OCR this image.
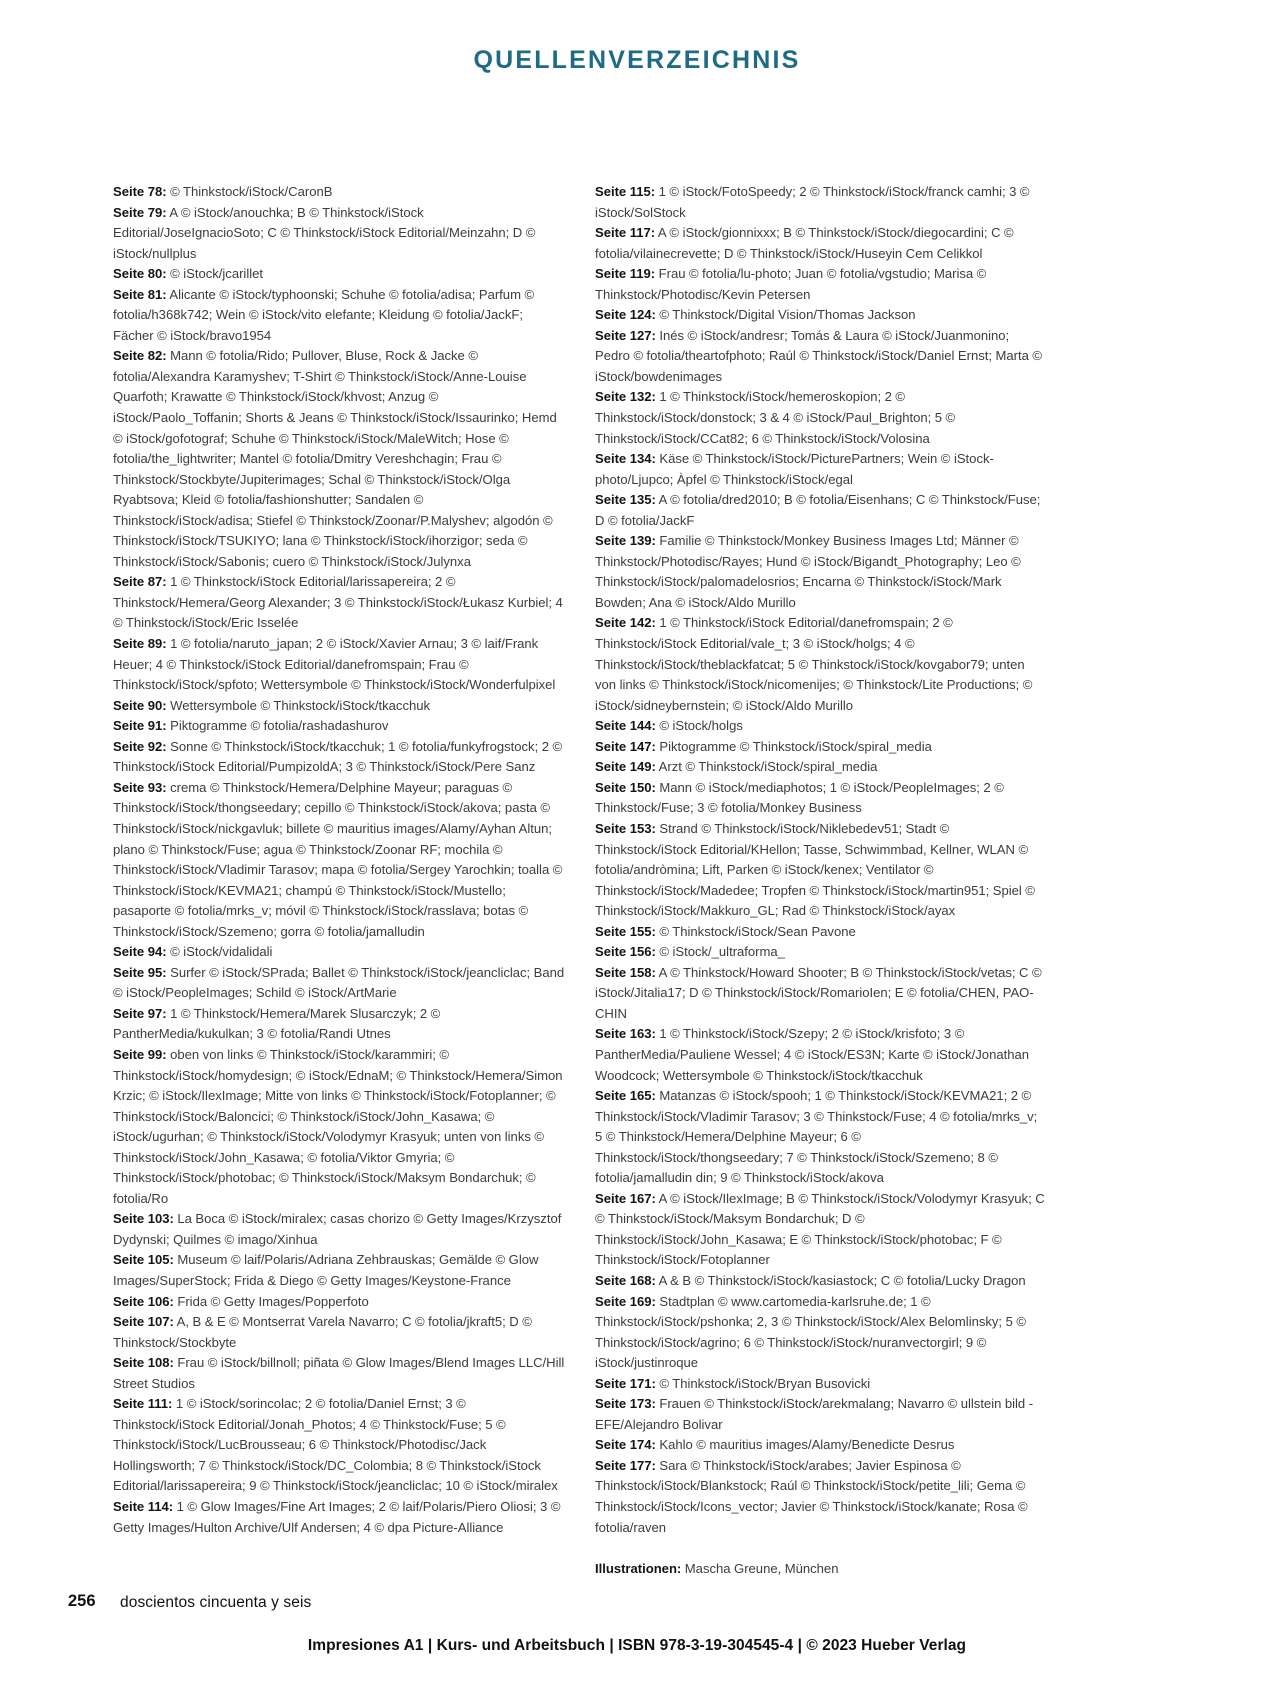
QUELLENVERZEICHNIS

Seite 78: © Thinkstock/iStock/CaronB

Seite 79: A © iStock/anouchka; B © Thinkstock/iStock Editorial/JoseIgnacioSoto; C © Thinkstock/iStock Editorial/Meinzahn; D © iStock/nullplus

Seite 80: © iStock/jcarillet

Seite 81: Alicante © iStock/typhoonski; Schuhe © fotolia/adisa; Parfum © fotolia/h368k742; Wein © iStock/vito elefante; Kleidung © fotolia/JackF; Fächer © iStock/bravo1954

Seite 82: Mann © fotolia/Rido; Pullover, Bluse, Rock & Jacke © fotolia/Alexandra Karamyshev; T-Shirt © Thinkstock/iStock/Anne-Louise Quarfoth; Krawatte © Thinkstock/iStock/khvost; Anzug © iStock/Paolo_Toffanin; Shorts & Jeans © Thinkstock/iStock/Issaurinko; Hemd © iStock/gofotograf; Schuhe © Thinkstock/iStock/MaleWitch; Hose © fotolia/the_lightwriter; Mantel © fotolia/Dmitry Vereshchagin; Frau © Thinkstock/Stockbyte/Jupiterimages; Schal © Thinkstock/iStock/Olga Ryabtsova; Kleid © fotolia/fashionshutter; Sandalen © Thinkstock/iStock/adisa; Stiefel © Thinkstock/Zoonar/P.Malyshev; algodón © Thinkstock/iStock/TSUKIYO; lana © Thinkstock/iStock/ihorzigor; seda © Thinkstock/iStock/Sabonis; cuero © Thinkstock/iStock/Julynxa

Seite 87: 1 © Thinkstock/iStock Editorial/larissapereira; 2 © Thinkstock/Hemera/Georg Alexander; 3 © Thinkstock/iStock/Łukasz Kurbiel; 4 © Thinkstock/iStock/Eric Isselée

Seite 89: 1 © fotolia/naruto_japan; 2 © iStock/Xavier Arnau; 3 © laif/Frank Heuer; 4 © Thinkstock/iStock Editorial/danefromspain; Frau © Thinkstock/iStock/spfoto; Wettersymbole © Thinkstock/iStock/Wonderfulpixel

Seite 90: Wettersymbole © Thinkstock/iStock/tkacchuk

Seite 91: Piktogramme © fotolia/rashadashurov

Seite 92: Sonne © Thinkstock/iStock/tkacchuk; 1 © fotolia/funkyfrogstock; 2 © Thinkstock/iStock Editorial/PumpizoldA; 3 © Thinkstock/iStock/Pere Sanz

Seite 93: crema © Thinkstock/Hemera/Delphine Mayeur; paraguas © Thinkstock/iStock/thongseedary; cepillo © Thinkstock/iStock/akova; pasta © Thinkstock/iStock/nickgavluk; billete © mauritius images/Alamy/Ayhan Altun; plano © Thinkstock/Fuse; agua © Thinkstock/Zoonar RF; mochila © Thinkstock/iStock/Vladimir Tarasov; mapa © fotolia/Sergey Yarochkin; toalla © Thinkstock/iStock/KEVMA21; champú © Thinkstock/iStock/Mustello; pasaporte © fotolia/mrks_v; móvil © Thinkstock/iStock/rasslava; botas © Thinkstock/iStock/Szemeno; gorra © fotolia/jamalludin

Seite 94: © iStock/vidalidali

Seite 95: Surfer © iStock/SPrada; Ballet © Thinkstock/iStock/jeancliclac; Band © iStock/PeopleImages; Schild © iStock/ArtMarie

Seite 97: 1 © Thinkstock/Hemera/Marek Slusarczyk; 2 © PantherMedia/kukulkan; 3 © fotolia/Randi Utnes

Seite 99: oben von links © Thinkstock/iStock/karammiri; © Thinkstock/iStock/homydesign; © iStock/EdnaM; © Thinkstock/Hemera/Simon Krzic; © iStock/IlexImage; Mitte von links © Thinkstock/iStock/Fotoplanner; © Thinkstock/iStock/Baloncici; © Thinkstock/iStock/John_Kasawa; © iStock/ugurhan; © Thinkstock/iStock/Volodymyr Krasyuk; unten von links © Thinkstock/iStock/John_Kasawa; © fotolia/Viktor Gmyria; © Thinkstock/iStock/photobac; © Thinkstock/iStock/Maksym Bondarchuk; © fotolia/Ro

Seite 103: La Boca © iStock/miralex; casas chorizo © Getty Images/Krzysztof Dydynski; Quilmes © imago/Xinhua

Seite 105: Museum © laif/Polaris/Adriana Zehbrauskas; Gemälde © Glow Images/SuperStock; Frida & Diego © Getty Images/Keystone-France

Seite 106: Frida © Getty Images/Popperfoto

Seite 107: A, B & E © Montserrat Varela Navarro; C © fotolia/jkraft5; D © Thinkstock/Stockbyte

Seite 108: Frau © iStock/billnoll; piñata © Glow Images/Blend Images LLC/Hill Street Studios

Seite 111: 1 © iStock/sorincolac; 2 © fotolia/Daniel Ernst; 3 © Thinkstock/iStock Editorial/Jonah_Photos; 4 © Thinkstock/Fuse; 5 © Thinkstock/iStock/LucBrousseau; 6 © Thinkstock/Photodisc/Jack Hollingsworth; 7 © Thinkstock/iStock/DC_Colombia; 8 © Thinkstock/iStock Editorial/larissapereira; 9 © Thinkstock/iStock/jeancliclac; 10 © iStock/miralex

Seite 114: 1 © Glow Images/Fine Art Images; 2 © laif/Polaris/Piero Oliosi; 3 © Getty Images/Hulton Archive/Ulf Andersen; 4 © dpa Picture-Alliance

Seite 115: 1 © iStock/FotoSpeedy; 2 © Thinkstock/iStock/franck camhi; 3 © iStock/SolStock

Seite 117: A © iStock/gionnixxx; B © Thinkstock/iStock/diegocardini; C © fotolia/vilainecrevette; D © Thinkstock/iStock/Huseyin Cem Celikkol

Seite 119: Frau © fotolia/lu-photo; Juan © fotolia/vgstudio; Marisa © Thinkstock/Photodisc/Kevin Petersen

Seite 124: © Thinkstock/Digital Vision/Thomas Jackson

Seite 127: Inés © iStock/andresr; Tomás & Laura © iStock/Juanmonino; Pedro © fotolia/theartofphoto; Raúl © Thinkstock/iStock/Daniel Ernst; Marta © iStock/bowdenimages

Seite 132: 1 © Thinkstock/iStock/hemeroskopion; 2 © Thinkstock/iStock/donstock; 3 & 4 © iStock/Paul_Brighton; 5 © Thinkstock/iStock/CCat82; 6 © Thinkstock/iStock/Volosina

Seite 134: Käse © Thinkstock/iStock/PicturePartners; Wein © iStock-photo/Ljupco; Àpfel © Thinkstock/iStock/egal

Seite 135: A © fotolia/dred2010; B © fotolia/Eisenhans; C © Thinkstock/Fuse; D © fotolia/JackF

Seite 139: Familie © Thinkstock/Monkey Business Images Ltd; Männer © Thinkstock/Photodisc/Rayes; Hund © iStock/Bigandt_Photography; Leo © Thinkstock/iStock/palomadelosrios; Encarna © Thinkstock/iStock/Mark Bowden; Ana © iStock/Aldo Murillo

Seite 142: 1 © Thinkstock/iStock Editorial/danefromspain; 2 © Thinkstock/iStock Editorial/vale_t; 3 © iStock/holgs; 4 © Thinkstock/iStock/theblackfatcat; 5 © Thinkstock/iStock/kovgabor79; unten von links © Thinkstock/iStock/nicomenijes; © Thinkstock/Lite Productions; © iStock/sidneybernstein; © iStock/Aldo Murillo

Seite 144: © iStock/holgs

Seite 147: Piktogramme © Thinkstock/iStock/spiral_media

Seite 149: Arzt © Thinkstock/iStock/spiral_media

Seite 150: Mann © iStock/mediaphotos; 1 © iStock/PeopleImages; 2 © Thinkstock/Fuse; 3 © fotolia/Monkey Business

Seite 153: Strand © Thinkstock/iStock/Niklebedev51; Stadt © Thinkstock/iStock Editorial/KHellon; Tasse, Schwimmbad, Kellner, WLAN © fotolia/andròmina; Lift, Parken © iStock/kenex; Ventilator © Thinkstock/iStock/Madedee; Tropfen © Thinkstock/iStock/martin951; Spiel © Thinkstock/iStock/Makkuro_GL; Rad © Thinkstock/iStock/ayax

Seite 155: © Thinkstock/iStock/Sean Pavone

Seite 156: © iStock/_ultraforma_

Seite 158: A © Thinkstock/Howard Shooter; B © Thinkstock/iStock/vetas; C © iStock/Jitalia17; D © Thinkstock/iStock/RomarioIen; E © fotolia/CHEN, PAO-CHIN

Seite 163: 1 © Thinkstock/iStock/Szepy; 2 © iStock/krisfoto; 3 © PantherMedia/Pauliene Wessel; 4 © iStock/ES3N; Karte © iStock/Jonathan Woodcock; Wettersymbole © Thinkstock/iStock/tkacchuk

Seite 165: Matanzas © iStock/spooh; 1 © Thinkstock/iStock/KEVMA21; 2 © Thinkstock/iStock/Vladimir Tarasov; 3 © Thinkstock/Fuse; 4 © fotolia/mrks_v; 5 © Thinkstock/Hemera/Delphine Mayeur; 6 © Thinkstock/iStock/thongseedary; 7 © Thinkstock/iStock/Szemeno; 8 © fotolia/jamalludin din; 9 © Thinkstock/iStock/akova

Seite 167: A © iStock/IlexImage; B © Thinkstock/iStock/Volodymyr Krasyuk; C © Thinkstock/iStock/Maksym Bondarchuk; D © Thinkstock/iStock/John_Kasawa; E © Thinkstock/iStock/photobac; F © Thinkstock/iStock/Fotoplanner

Seite 168: A & B © Thinkstock/iStock/kasiastock; C © fotolia/Lucky Dragon

Seite 169: Stadtplan © www.cartomedia-karlsruhe.de; 1 © Thinkstock/iStock/pshonka; 2, 3 © Thinkstock/iStock/Alex Belomlinsky; 5 © Thinkstock/iStock/agrino; 6 © Thinkstock/iStock/nuranvectorgirl; 9 © iStock/justinroque

Seite 171: © Thinkstock/iStock/Bryan Busovicki

Seite 173: Frauen © Thinkstock/iStock/arekmalang; Navarro © ullstein bild - EFE/Alejandro Bolivar

Seite 174: Kahlo © mauritius images/Alamy/Benedicte Desrus

Seite 177: Sara © Thinkstock/iStock/arabes; Javier Espinosa © Thinkstock/iStock/Blankstock; Raúl © Thinkstock/iStock/petite_lili; Gema © Thinkstock/iStock/Icons_vector; Javier © Thinkstock/iStock/kanate; Rosa © fotolia/raven

Illustrationen: Mascha Greune, München

256 doscientos cincuenta y seis
Impresiones A1 | Kurs- und Arbeitsbuch | ISBN 978-3-19-304545-4 | © 2023 Hueber Verlag
